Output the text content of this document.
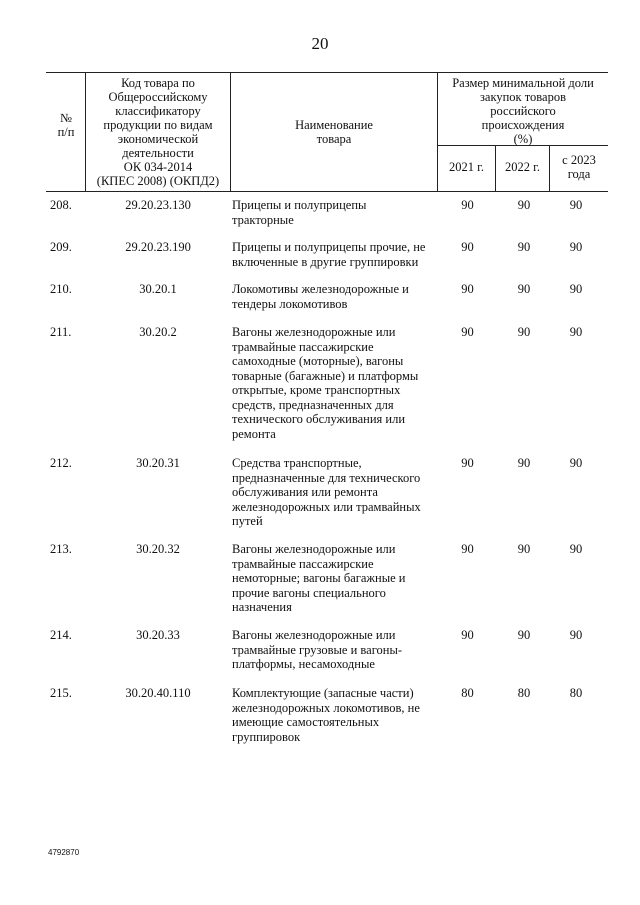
20
№
п/п
Код товара по
Общероссийскому
классификатору
продукции по видам
экономической
деятельности
ОК 034-2014
(КПЕС 2008) (ОКПД2)
Наименование
товара
Размер минимальной доли
закупок товаров
российского
происхождения
(%)
2021 г.	2022 г.	с 2023
года
208.	29.20.23.130	Прицепы и полуприцепы
тракторные
90	90	90
209.	29.20.23.190	Прицепы и полуприцепы прочие, не
включенные в другие группировки
90	90	90
210.	30.20.1	Локомотивы железнодорожные и
тендеры локомотивов
90	90	90
211.	30.20.2	Вагоны железнодорожные или
трамвайные пассажирские
самоходные (моторные), вагоны
товарные (багажные) и платформы
открытые, кроме транспортных
средств, предназначенных для
технического обслуживания или
ремонта
90	90	90
212.	30.20.31	Средства транспортные,
предназначенные для технического
обслуживания или ремонта
железнодорожных или трамвайных
путей
90	90	90
213.	30.20.32	Вагоны железнодорожные или
трамвайные пассажирские
немоторные; вагоны багажные и
прочие вагоны специального
назначения
90	90	90
214.	30.20.33	Вагоны железнодорожные или
трамвайные грузовые и вагоны-
платформы, несамоходные
90	90	90
215.	30.20.40.110	Комплектующие (запасные части)
железнодорожных локомотивов, не
имеющие самостоятельных
группировок
80	80	80
4792870
